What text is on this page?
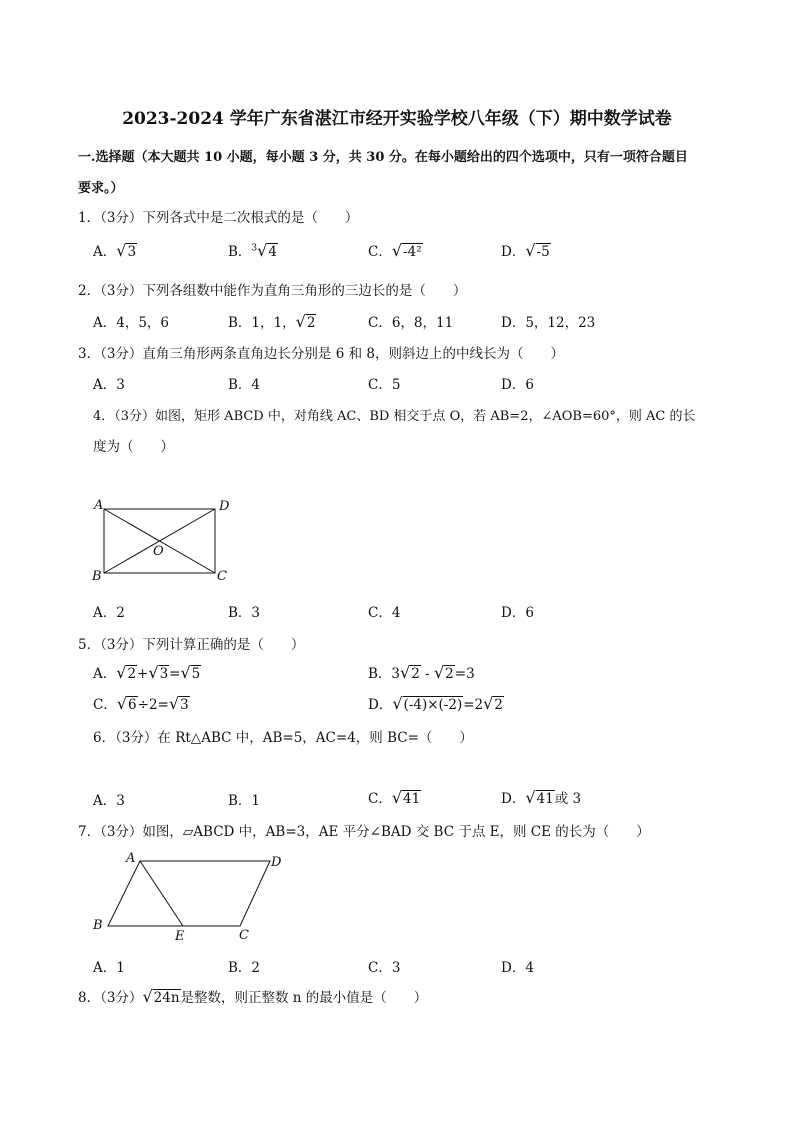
2023-2024 学年广东省湛江市经开实验学校八年级（下）期中数学试卷
一.选择题（本大题共 10 小题，每小题 3 分，共 30 分。在每小题给出的四个选项中，只有一项符合题目
要求。）
1．（3分）下列各式中是二次根式的是（　　）
A．√3	B．$^3$√4	C．√-4²	D．√-5
2．（3分）下列各组数中能作为直角三角形的三边长的是（　　）
A．4，5，6	B．1，1，√2	C．6，8，11	D．5，12，23
3．（3分）直角三角形两条直角边长分别是 6 和 8，则斜边上的中线长为（　　）
A．3	B．4	C．5	D．6
4．（3分）如图，矩形 ABCD 中，对角线 AC、BD 相交于点 O，若 AB=2，∠AOB=60°，则 AC 的长
度为（　　）
A	D
B	C
O
A．2	B．3	C．4	D．6
5．（3分）下列计算正确的是（　　）
A．√2+√3=√5	B．3√2 - √2=3
C．√6÷2=√3	D．√(-4)×(-2)=2√2
6．（3分）在 Rt△ABC 中，AB=5，AC=4，则 BC=（　　）
A．3	B．1	C．√41	D．√41或 3
7．（3分）如图，▱ABCD 中，AB=3，AE 平分∠BAD 交 BC 于点 E，则 CE 的长为（　　）
A	D
B
C
E
A．1	B．2	C．3	D．4
8．（3分）√24n是整数，则正整数 n 的最小值是（　　）
